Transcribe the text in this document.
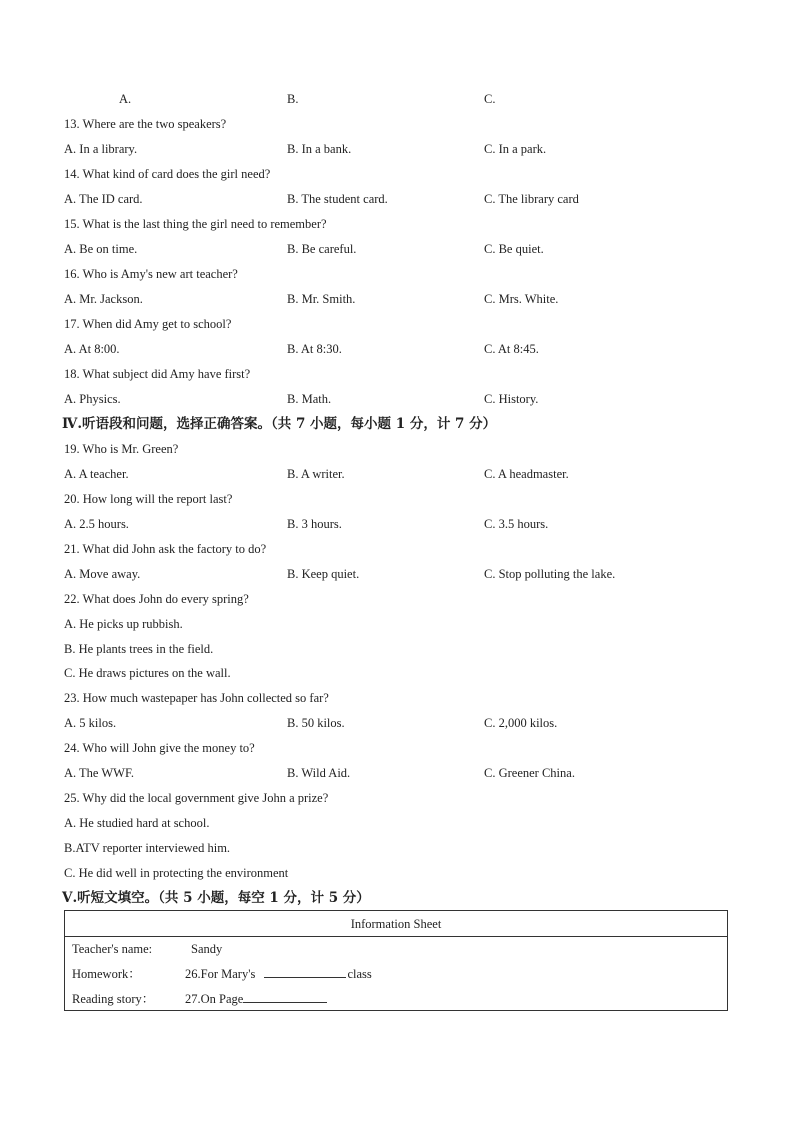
A.	B.	C.
13. Where are the two speakers?
A. In a library.	B. In a bank.	C. In a park.
14. What kind of card does the girl need?
A. The ID card.	B. The student card.	C. The library card
15. What is the last thing the girl need to remember?
A. Be on time.	B. Be careful.	C. Be quiet.
16. Who is Amy's new art teacher?
A. Mr. Jackson.	B. Mr. Smith.	C. Mrs. White.
17. When did Amy get to school?
A. At 8:00.	B. At 8:30.	C. At 8:45.
18. What subject did Amy have first?
A. Physics.	B. Math.	C. History.
Ⅳ.听语段和问题，选择正确答案。（共 7 小题，每小题 1 分，计 7 分）
19. Who is Mr. Green?
A. A teacher.	B. A writer.	C. A headmaster.
20. How long will the report last?
A. 2.5 hours.	B. 3 hours.	C. 3.5 hours.
21. What did John ask the factory to do?
A. Move away.	B. Keep quiet.	C. Stop polluting the lake.
22. What does John do every spring?
A. He picks up rubbish.
B. He plants trees in the field.
C. He draws pictures on the wall.
23. How much wastepaper has John collected so far?
A. 5 kilos.	B. 50 kilos.	C. 2,000 kilos.
24. Who will John give the money to?
A. The WWF.	B. Wild Aid.	C. Greener China.
25. Why did the local government give John a prize?
A. He studied hard at school.
B.ATV reporter interviewed him.
C. He did well in protecting the environment
Ⅴ.听短文填空。（共 5 小题，每空 1 分，计 5 分）
Information Sheet
Teacher's name:	Sandy
Homework：	26.For Mary's	class
Reading story： 27.On Page
